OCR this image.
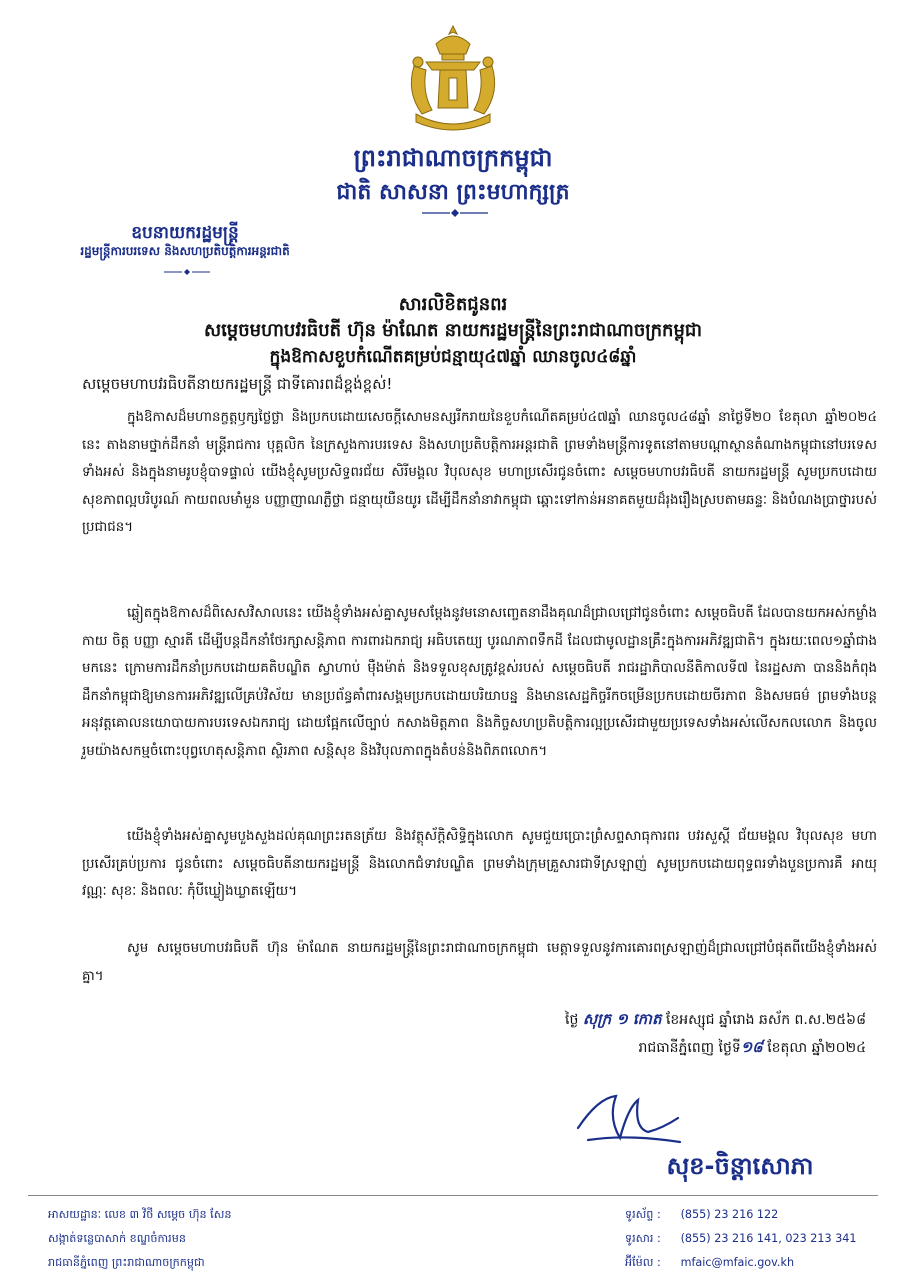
ព្រះរាជាណាចក្រកម្ពុជា
ជាតិ សាសនា ព្រះមហាក្សត្រ
ឧបនាយករដ្ឋមន្ត្រី
រដ្ឋមន្ត្រីការបរទេស និងសហប្រតិបត្តិការអន្តរជាតិ
សារលិខិតជូនពរ
សម្តេចមហាបវរធិបតី ហ៊ុន ម៉ាណែត នាយករដ្ឋមន្ត្រីនៃព្រះរាជាណាចក្រកម្ពុជា
ក្នុងឱកាសខួបកំណើតគម្រប់ជន្មាយុ៤៧ឆ្នាំ ឈានចូល៤៨ឆ្នាំ
សម្តេចមហាបវរធិបតីនាយករដ្ឋមន្ត្រី ជាទីគោរពដ៏ខ្ពង់ខ្ពស់!
ក្នុងឱកាសដ៏មហានក្ខត្តឫក្សថ្លៃថ្លា និងប្រកបដោយសេចក្តីសោមនស្សរីករាយនៃខួបកំណើតគម្រប់៤៧ឆ្នាំ ឈានចូល៤៨ឆ្នាំ នាថ្ងៃទី២០ ខែតុលា ឆ្នាំ២០២៤ នេះ តាងនាមថ្នាក់ដឹកនាំ មន្ត្រីរាជការ បុគ្គលិក នៃក្រសួងការបរទេស និងសហប្រតិបត្តិការអន្តរជាតិ ព្រមទាំងមន្ត្រីការទូតនៅតាមបណ្តាស្ថានតំណាងកម្ពុជានៅបរទេសទាំងអស់ និងក្នុងនាមរូបខ្ញុំបាទផ្ទាល់ យើងខ្ញុំសូមប្រសិទ្ធពរជ័យ សិរីមង្គល វិបុលសុខ មហាប្រសើរជូនចំពោះ សម្តេចមហាបវរធិបតី នាយករដ្ឋមន្ត្រី សូមប្រកបដោយសុខភាពល្អបរិបូរណ៍ កាយពលមាំមួន បញ្ញាញាណភ្លឺថ្លា ជន្មាយុយឺនយូរ ដើម្បីដឹកនាំនាវាកម្ពុជា ឆ្ពោះទៅកាន់អនាគតមួយដ៏រុងរឿងស្របតាមឆន្ទៈ និងបំណងប្រាថ្នារបស់ប្រជាជន។
ឆ្លៀតក្នុងឱកាសដ៏ពិសេសវិសាលនេះ យើងខ្ញុំទាំងអស់គ្នាសូមសម្តែងនូវមនោសញ្ចេតនាដឹងគុណដ៏ជ្រាលជ្រៅជូនចំពោះ សម្តេចធិបតី ដែលបានយកអស់កម្លាំងកាយ ចិត្ត បញ្ញា ស្មារតី ដើម្បីបន្តដឹកនាំថែរក្សាសន្តិភាព ការពារឯករាជ្យ អធិបតេយ្យ បូរណភាពទឹកដី ដែលជាមូលដ្ឋានគ្រឹះក្នុងការអភិវឌ្ឍជាតិ។ ក្នុងរយៈពេល១ឆ្នាំជាងមកនេះ ក្រោមការដឹកនាំប្រកបដោយគតិបណ្ឌិត ស្វាហាប់ ម៉ឺងម៉ាត់ និងទទួលខុសត្រូវខ្ពស់របស់ សម្តេចធិបតី រាជរដ្ឋាភិបាលនីតិកាលទី៧ នៃរដ្ឋសភា បាននិងកំពុងដឹកនាំកម្ពុជាឱ្យមានការអភិវឌ្ឍលើគ្រប់វិស័យ មានប្រព័ន្ធគាំពារសង្គមប្រកបដោយបរិយាបន្ន និងមានសេដ្ឋកិច្ចរីកចម្រើនប្រកបដោយចីរភាព និងសមធម៌ ព្រមទាំងបន្តអនុវត្តគោលនយោបាយការបរទេសឯករាជ្យ ដោយផ្អែកលើច្បាប់ កសាងមិត្តភាព និងកិច្ចសហប្រតិបត្តិការល្អប្រសើរជាមួយប្រទេសទាំងអស់លើសកលលោក និងចូលរួមយ៉ាងសកម្មចំពោះបុព្វហេតុសន្តិភាព ស្ថិរភាព សន្តិសុខ និងវិបុលភាពក្នុងតំបន់និងពិភពលោក។
យើងខ្ញុំទាំងអស់គ្នាសូមបួងសួងដល់គុណព្រះរតនត្រ័យ និងវត្ថុស័ក្តិសិទ្ធិក្នុងលោក សូមជួយប្រោះព្រំសព្ទសាធុការពរ បវរសួស្តី ជ័យមង្គល វិបុលសុខ មហាប្រសើរគ្រប់ប្រការ ជូនចំពោះ សម្តេចធិបតីនាយករដ្ឋមន្ត្រី និងលោកជំទាវបណ្ឌិត ព្រមទាំងក្រុមគ្រួសារជាទីស្រឡាញ់ សូមប្រកបដោយពុទ្ធពរទាំងបួនប្រការគឺ អាយុ វណ្ណៈ សុខៈ និងពលៈ កុំបីឃ្លៀងឃ្លាតឡើយ។
សូម សម្តេចមហាបវរធិបតី ហ៊ុន ម៉ាណែត នាយករដ្ឋមន្ត្រីនៃព្រះរាជាណាចក្រកម្ពុជា មេត្តាទទួលនូវការគោរពស្រឡាញ់ដ៏ជ្រាលជ្រៅបំផុតពីយើងខ្ញុំទាំងអស់គ្នា។
ថ្ងៃ សុក្រ ១ កោត ខែអស្សុជ ឆ្នាំរោង ឆស័ក ព.ស.២៥៦៨
រាជធានីភ្នំពេញ ថ្ងៃទី១៨ ខែតុលា ឆ្នាំ២០២៤
សុខ-ចិន្ដាសោភា
អាសយដ្ឋានៈ លេខ ៣ វិថី សម្តេច ហ៊ុន សែន
សង្កាត់ទន្លេបាសាក់ ខណ្ឌចំការមន
រាជធានីភ្នំពេញ ព្រះរាជាណាចក្រកម្ពុជា
ទូរស័ព្ទ : (855) 23 216 122
ទូរសារ : (855) 23 216 141, 023 213 341
អ៊ីម៉ែល : mfaic@mfaic.gov.kh
